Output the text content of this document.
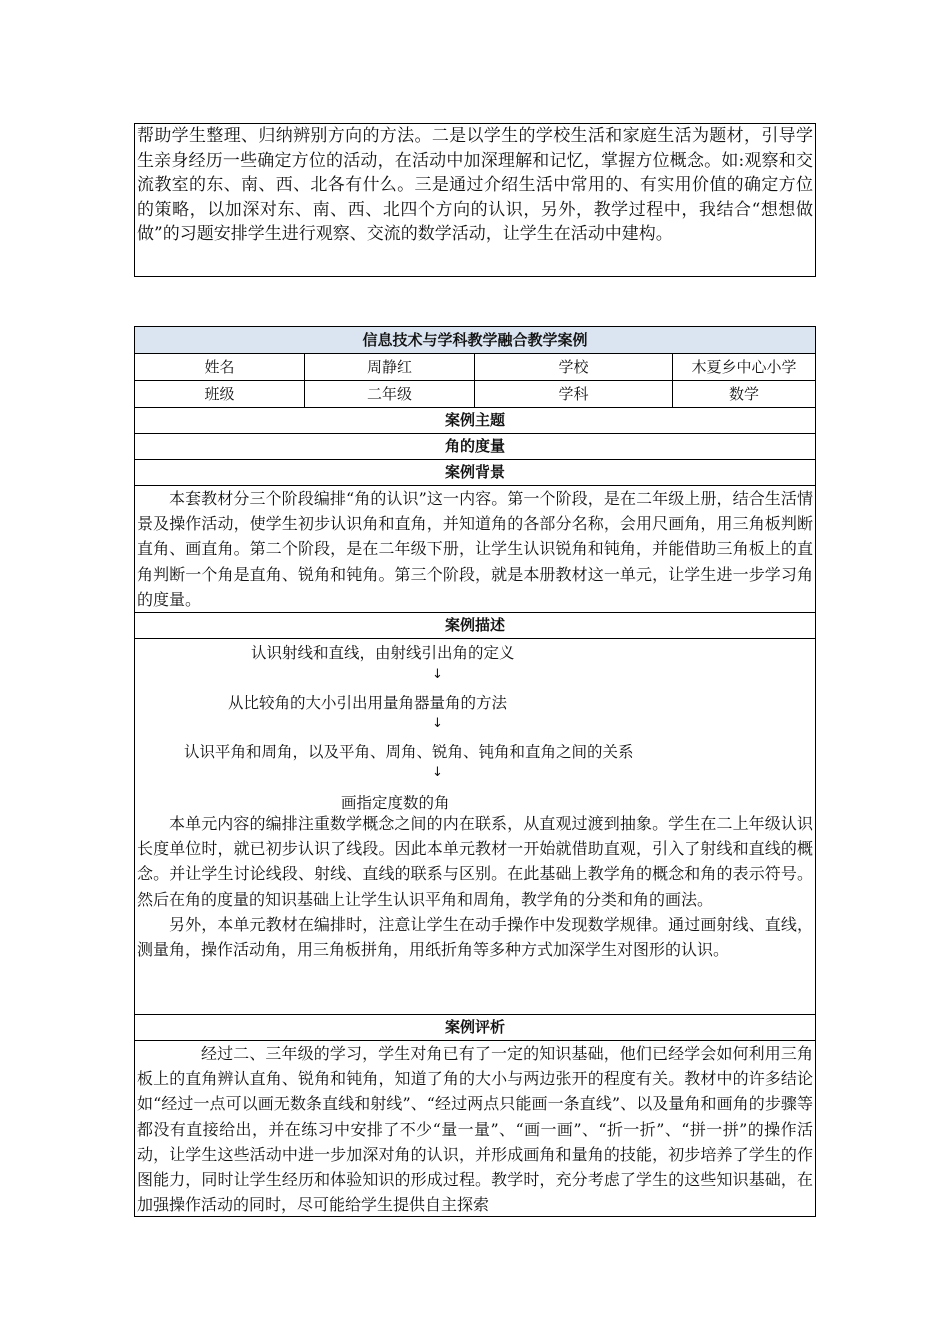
帮助学生整理、归纳辨别方向的方法。二是以学生的学校生活和家庭生活为题材，引导学生亲身经历一些确定方位的活动，在活动中加深理解和记忆，掌握方位概念。如:观察和交流教室的东、南、西、北各有什么。三是通过介绍生活中常用的、有实用价值的确定方位的策略，以加深对东、南、西、北四个方向的认识，另外，教学过程中，我结合“想想做做”的习题安排学生进行观察、交流的数学活动，让学生在活动中建构。

信息技术与学科教学融合教学案例
姓名	周静红	学校	木夏乡中心小学
班级	二年级	学科	数学
案例主题
角的度量
案例背景

本套教材分三个阶段编排“角的认识”这一内容。第一个阶段，是在二年级上册，结合生活情景及操作活动，使学生初步认识角和直角，并知道角的各部分名称，会用尺画角，用三角板判断直角、画直角。第二个阶段，是在二年级下册，让学生认识锐角和钝角，并能借助三角板上的直角判断一个角是直角、锐角和钝角。第三个阶段，就是本册教材这一单元，让学生进一步学习角的度量。

案例描述
认识射线和直线，由射线引出角的定义
↓
从比较角的大小引出用量角器量角的方法
↓
认识平角和周角，以及平角、周角、锐角、钝角和直角之间的关系
↓
画指定度数的角

本单元内容的编排注重数学概念之间的内在联系，从直观过渡到抽象。学生在二上年级认识长度单位时，就已初步认识了线段。因此本单元教材一开始就借助直观，引入了射线和直线的概念。并让学生讨论线段、射线、直线的联系与区别。在此基础上教学角的概念和角的表示符号。然后在角的度量的知识基础上让学生认识平角和周角，教学角的分类和角的画法。

另外，本单元教材在编排时，注意让学生在动手操作中发现数学规律。通过画射线、直线，测量角，操作活动角，用三角板拼角，用纸折角等多种方式加深学生对图形的认识。

案例评析

经过二、三年级的学习，学生对角已有了一定的知识基础，他们已经学会如何利用三角板上的直角辨认直角、锐角和钝角，知道了角的大小与两边张开的程度有关。教材中的许多结论如“经过一点可以画无数条直线和射线”、“经过两点只能画一条直线”、以及量角和画角的步骤等都没有直接给出，并在练习中安排了不少“量一量”、“画一画”、“折一折”、“拼一拼”的操作活动，让学生这些活动中进一步加深对角的认识，并形成画角和量角的技能，初步培养了学生的作图能力，同时让学生经历和体验知识的形成过程。教学时，充分考虑了学生的这些知识基础，在加强操作活动的同时，尽可能给学生提供自主探索
